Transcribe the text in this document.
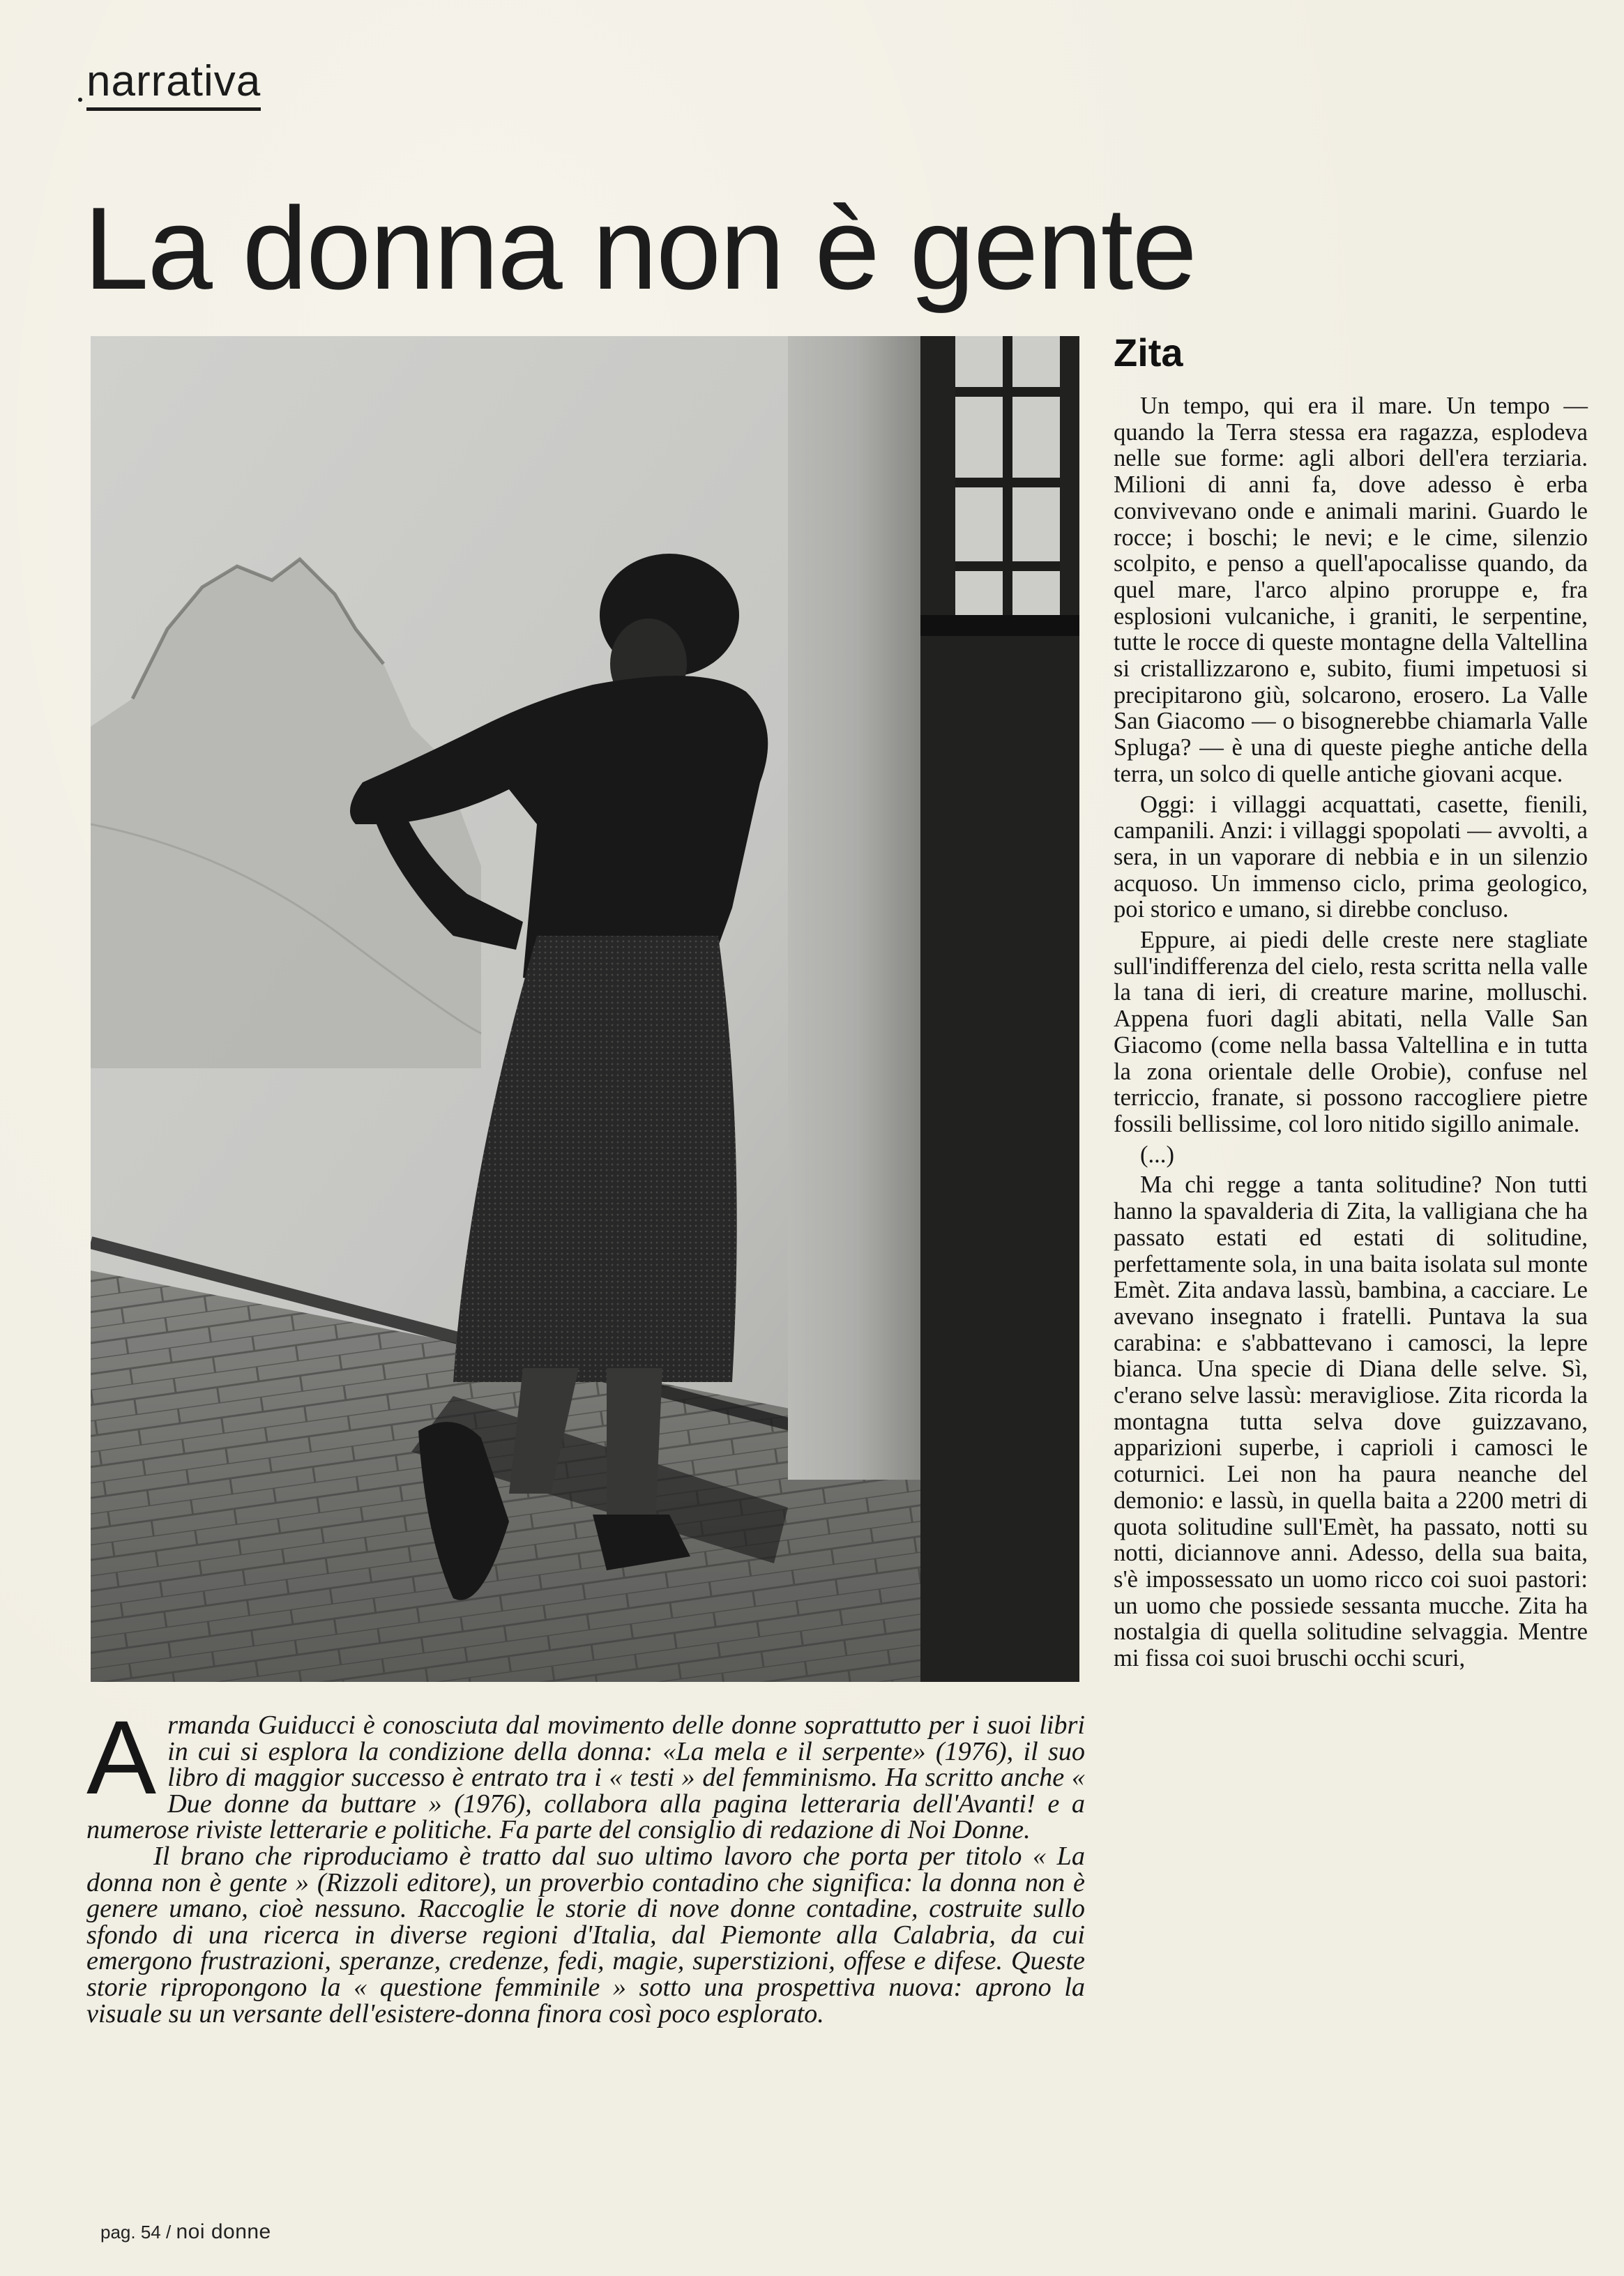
narrativa
La donna non è gente
Zita

Un tempo, qui era il mare. Un tempo — quando la Terra stessa era ragazza, esplodeva nelle sue forme: agli albori dell'era terziaria. Milioni di anni fa, dove adesso è erba convivevano onde e animali marini. Guardo le rocce; i boschi; le nevi; e le cime, silenzio scolpito, e penso a quell'apocalisse quando, da quel mare, l'arco alpino proruppe e, fra esplosioni vulcaniche, i graniti, le serpentine, tutte le rocce di queste montagne della Valtellina si cristallizzarono e, subito, fiumi impetuosi si precipitarono giù, solcarono, erosero. La Valle San Giacomo — o bisognerebbe chiamarla Valle Spluga? — è una di queste pieghe antiche della terra, un solco di quelle antiche giovani acque.

Oggi: i villaggi acquattati, casette, fienili, campanili. Anzi: i villaggi spopolati — avvolti, a sera, in un vaporare di nebbia e in un silenzio acquoso. Un immenso ciclo, prima geologico, poi storico e umano, si direbbe concluso.

Eppure, ai piedi delle creste nere stagliate sull'indifferenza del cielo, resta scritta nella valle la tana di ieri, di creature marine, molluschi. Appena fuori dagli abitati, nella Valle San Giacomo (come nella bassa Valtellina e in tutta la zona orientale delle Orobie), confuse nel terriccio, franate, si possono raccogliere pietre fossili bellissime, col loro nitido sigillo animale.

(...)

Ma chi regge a tanta solitudine? Non tutti hanno la spavalderia di Zita, la valligiana che ha passato estati ed estati di solitudine, perfettamente sola, in una baita isolata sul monte Emèt. Zita andava lassù, bambina, a cacciare. Le avevano insegnato i fratelli. Puntava la sua carabina: e s'abbattevano i camosci, la lepre bianca. Una specie di Diana delle selve. Sì, c'erano selve lassù: meravigliose. Zita ricorda la montagna tutta selva dove guizzavano, apparizioni superbe, i caprioli i camosci le coturnici. Lei non ha paura neanche del demonio: e lassù, in quella baita a 2200 metri di quota solitudine sull'Emèt, ha passato, notti su notti, diciannove anni. Adesso, della sua baita, s'è impossessato un uomo ricco coi suoi pastori: un uomo che possiede sessanta mucche. Zita ha nostalgia di quella solitudine selvaggia. Mentre mi fissa coi suoi bruschi occhi scuri,

Armanda Guiducci è conosciuta dal movimento delle donne soprattutto per i suoi libri in cui si esplora la condizione della donna: «La mela e il serpente» (1976), il suo libro di maggior successo è entrato tra i « testi » del femminismo. Ha scritto anche « Due donne da buttare » (1976), collabora alla pagina letteraria dell'Avanti! e a numerose riviste letterarie e politiche. Fa parte del consiglio di redazione di Noi Donne.

Il brano che riproduciamo è tratto dal suo ultimo lavoro che porta per titolo « La donna non è gente » (Rizzoli editore), un proverbio contadino che significa: la donna non è genere umano, cioè nessuno. Raccoglie le storie di nove donne contadine, costruite sullo sfondo di una ricerca in diverse regioni d'Italia, dal Piemonte alla Calabria, da cui emergono frustrazioni, speranze, credenze, fedi, magie, superstizioni, offese e difese. Queste storie ripropongono la « questione femminile » sotto una prospettiva nuova: aprono la visuale su un versante dell'esistere-donna finora così poco esplorato.

pag. 54 / noi donne
